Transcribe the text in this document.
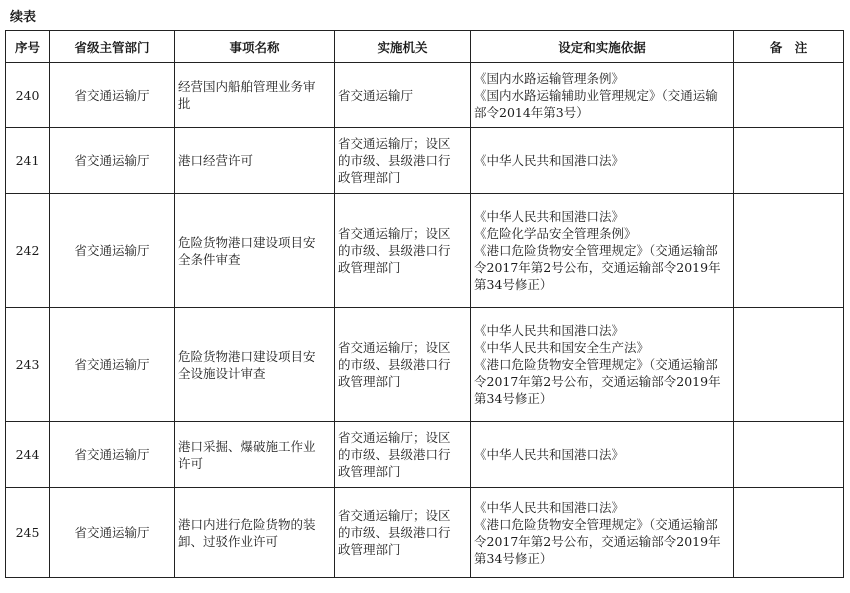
续表
序号	省级主管部门	事项名称	实施机关	设定和实施依据	备　注
240	省交通运输厅	经营国内船舶管理业务审
批	省交通运输厅	《国内水路运输管理条例》
《国内水路运输辅助业管理规定》（交通运输
部令2014年第3号）	

241	省交通运输厅	港口经营许可	省交通运输厅；设区
的市级、县级港口行
政管理部门	《中华人民共和国港口法》	

242	省交通运输厅	危险货物港口建设项目安
全条件审查	省交通运输厅；设区
的市级、县级港口行
政管理部门	《中华人民共和国港口法》
《危险化学品安全管理条例》
《港口危险货物安全管理规定》（交通运输部
令2017年第2号公布，交通运输部令2019年
第34号修正）	

243	省交通运输厅	危险货物港口建设项目安
全设施设计审查	省交通运输厅；设区
的市级、县级港口行
政管理部门	《中华人民共和国港口法》
《中华人民共和国安全生产法》
《港口危险货物安全管理规定》（交通运输部
令2017年第2号公布，交通运输部令2019年
第34号修正）	

244	省交通运输厅	港口采掘、爆破施工作业
许可	省交通运输厅；设区
的市级、县级港口行
政管理部门	《中华人民共和国港口法》	

245	省交通运输厅	港口内进行危险货物的装
卸、过驳作业许可	省交通运输厅；设区
的市级、县级港口行
政管理部门	《中华人民共和国港口法》
《港口危险货物安全管理规定》（交通运输部
令2017年第2号公布，交通运输部令2019年
第34号修正）	
